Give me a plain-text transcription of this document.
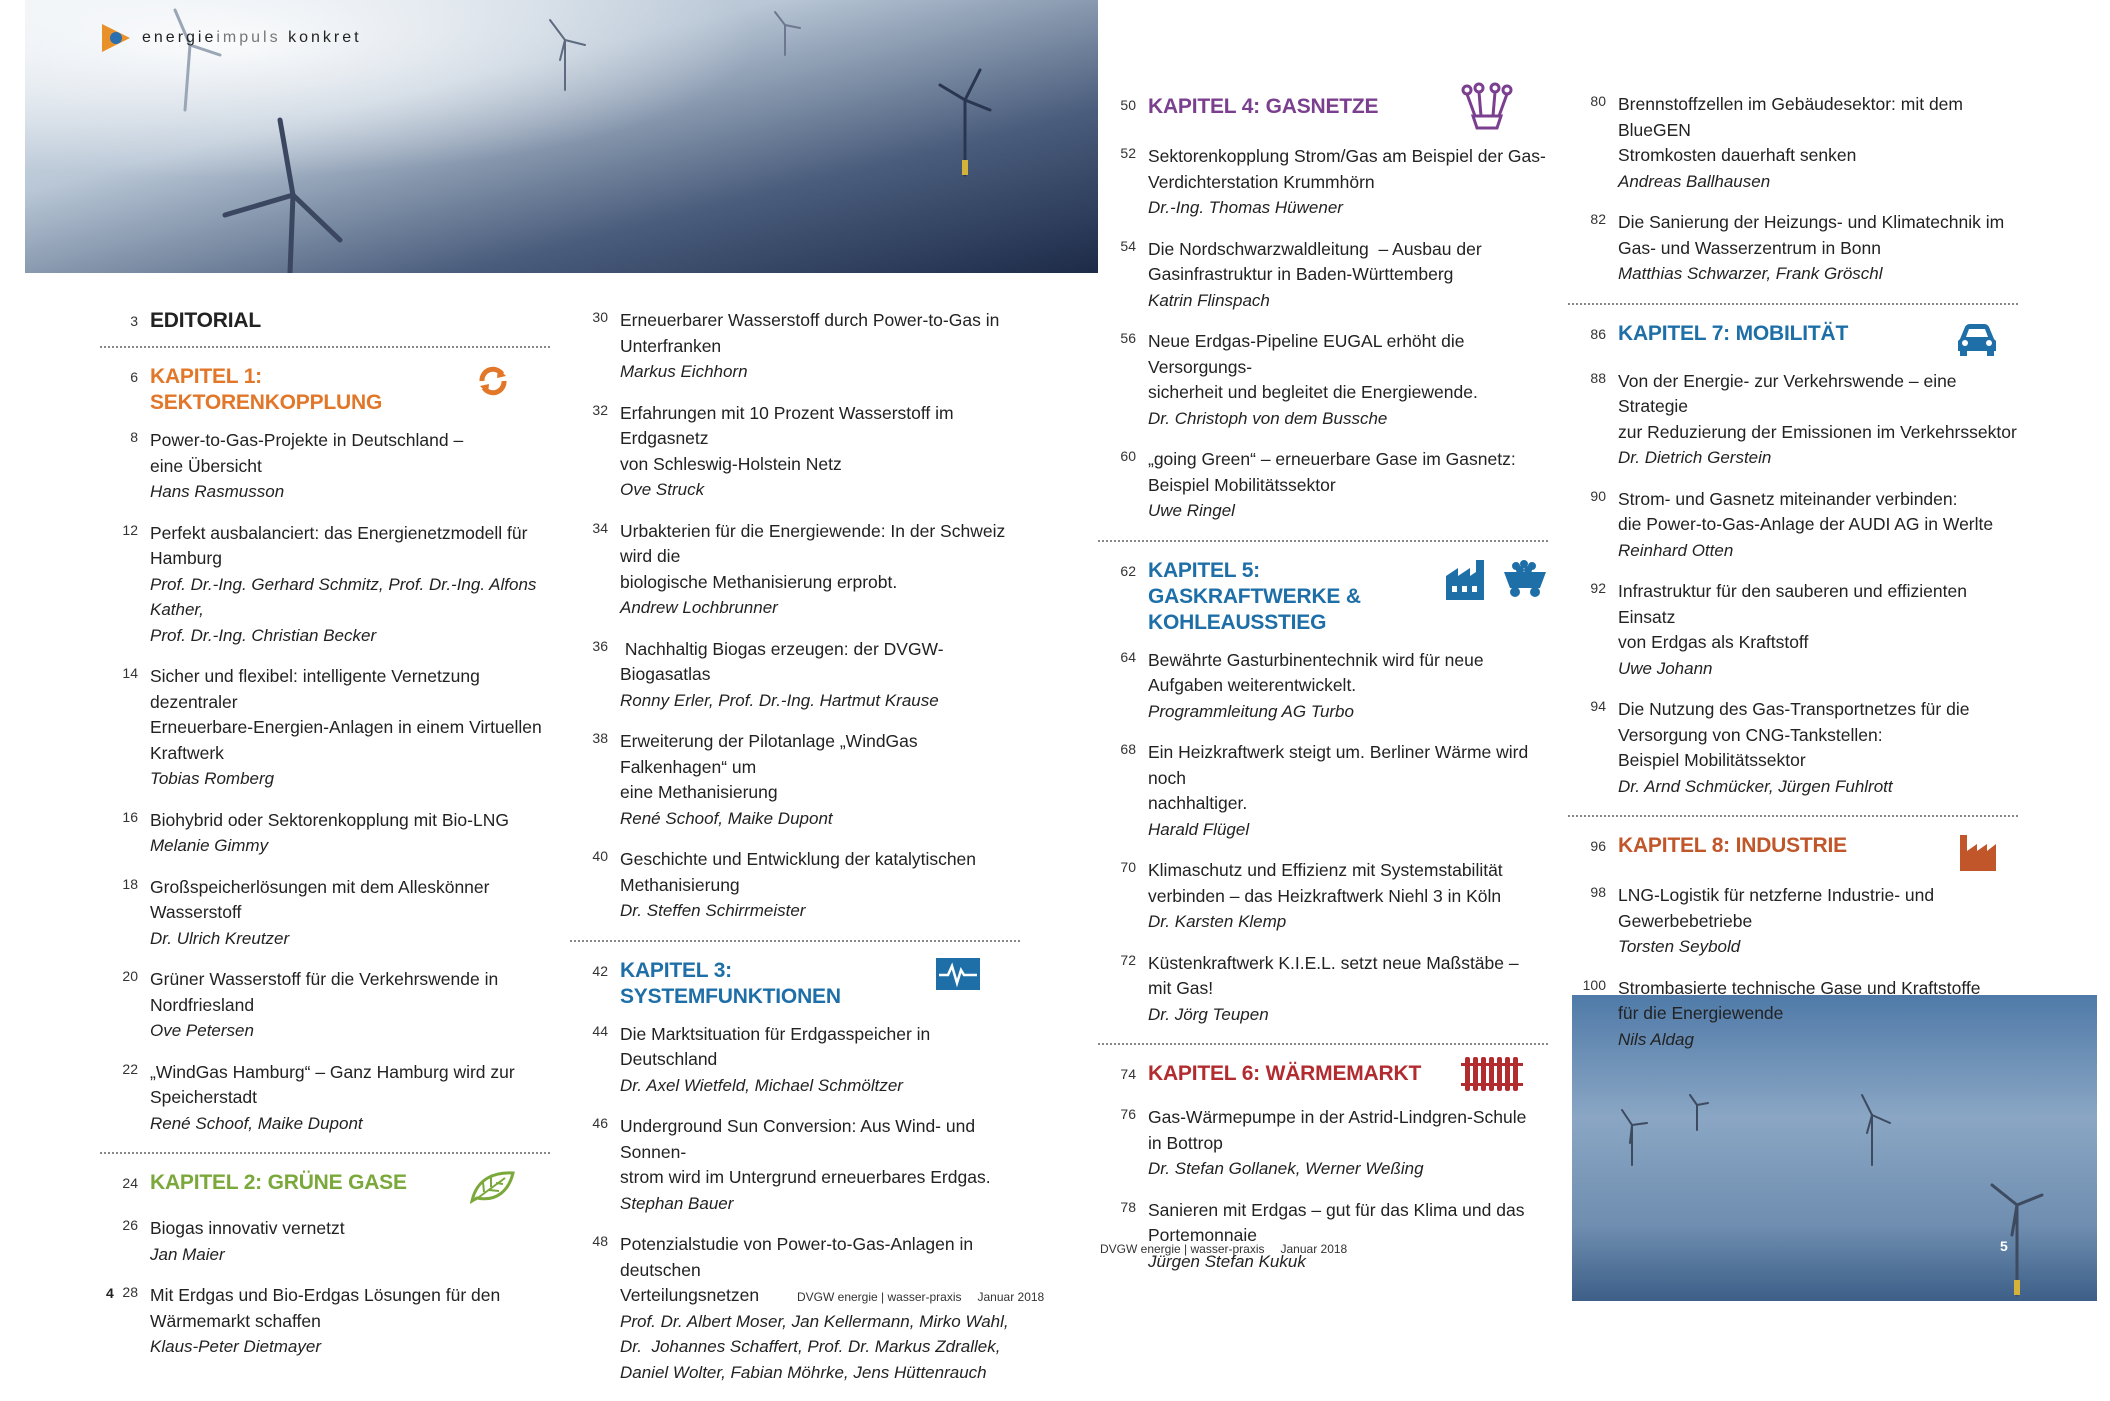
energieimpuls konkret
3 EDITORIAL
6 KAPITEL 1: SEKTORENKOPPLUNG
8 Power-to-Gas-Projekte in Deutschland –
eine Übersicht
Hans Rasmusson
12 Perfekt ausbalanciert: das Energienetzmodell für Hamburg
Prof. Dr.-Ing. Gerhard Schmitz, Prof. Dr.-Ing. Alfons Kather,
Prof. Dr.-Ing. Christian Becker
14 Sicher und flexibel: intelligente Vernetzung dezentraler
Erneuerbare-Energien-Anlagen in einem Virtuellen
Kraftwerk
Tobias Romberg
16 Biohybrid oder Sektorenkopplung mit Bio-LNG
Melanie Gimmy
18 Großspeicherlösungen mit dem Alleskönner Wasserstoff
Dr. Ulrich Kreutzer
20 Grüner Wasserstoff für die Verkehrswende in
Nordfriesland
Ove Petersen
22 „WindGas Hamburg“ – Ganz Hamburg wird zur
Speicherstadt
René Schoof, Maike Dupont
24 KAPITEL 2: GRÜNE GASE
26 Biogas innovativ vernetzt
Jan Maier
28 Mit Erdgas und Bio-Erdgas Lösungen für den
Wärmemarkt schaffen
Klaus-Peter Dietmayer
30 Erneuerbarer Wasserstoff durch Power-to-Gas in
Unterfranken
Markus Eichhorn
32 Erfahrungen mit 10 Prozent Wasserstoff im Erdgasnetz
von Schleswig-Holstein Netz
Ove Struck
34 Urbakterien für die Energiewende: In der Schweiz wird die
biologische Methanisierung erprobt.
Andrew Lochbrunner
36 Nachhaltig Biogas erzeugen: der DVGW-Biogasatlas
Ronny Erler, Prof. Dr.-Ing. Hartmut Krause
38 Erweiterung der Pilotanlage „WindGas Falkenhagen“ um
eine Methanisierung
René Schoof, Maike Dupont
40 Geschichte und Entwicklung der katalytischen
Methanisierung
Dr. Steffen Schirrmeister
42 KAPITEL 3: SYSTEMFUNKTIONEN
44 Die Marktsituation für Erdgasspeicher in Deutschland
Dr. Axel Wietfeld, Michael Schmöltzer
46 Underground Sun Conversion: Aus Wind- und Sonnen-
strom wird im Untergrund erneuerbares Erdgas.
Stephan Bauer
48 Potenzialstudie von Power-to-Gas-Anlagen in deutschen
Verteilungsnetzen
Prof. Dr. Albert Moser, Jan Kellermann, Mirko Wahl,
Dr.  Johannes Schaffert, Prof. Dr. Markus Zdrallek,
Daniel Wolter, Fabian Möhrke, Jens Hüttenrauch
50 KAPITEL 4: GASNETZE
52 Sektorenkopplung Strom/Gas am Beispiel der Gas-
Verdichterstation Krummhörn
Dr.-Ing. Thomas Hüwener
54 Die Nordschwarzwaldleitung  – Ausbau der
Gasinfrastruktur in Baden-Württemberg
Katrin Flinspach
56 Neue Erdgas-Pipeline EUGAL erhöht die Versorgungs-
sicherheit und begleitet die Energiewende.
Dr. Christoph von dem Bussche
60 „going Green“ – erneuerbare Gase im Gasnetz:
Beispiel Mobilitätssektor
Uwe Ringel
62 KAPITEL 5: GASKRAFTWERKE &
KOHLEAUSSTIEG
64 Bewährte Gasturbinentechnik wird für neue
Aufgaben weiterentwickelt.
Programmleitung AG Turbo
68 Ein Heizkraftwerk steigt um. Berliner Wärme wird noch
nachhaltiger.
Harald Flügel
70 Klimaschutz und Effizienz mit Systemstabilität
verbinden – das Heizkraftwerk Niehl 3 in Köln
Dr. Karsten Klemp
72 Küstenkraftwerk K.I.E.L. setzt neue Maßstäbe –
mit Gas!
Dr. Jörg Teupen
74 KAPITEL 6: WÄRMEMARKT
76 Gas-Wärmepumpe in der Astrid-Lindgren-Schule
in Bottrop
Dr. Stefan Gollanek, Werner Weßing
78 Sanieren mit Erdgas – gut für das Klima und das
Portemonnaie
Jürgen Stefan Kukuk
80 Brennstoffzellen im Gebäudesektor: mit dem BlueGEN
Stromkosten dauerhaft senken
Andreas Ballhausen
82 Die Sanierung der Heizungs- und Klimatechnik im
Gas- und Wasserzentrum in Bonn
Matthias Schwarzer, Frank Gröschl
86 KAPITEL 7: MOBILITÄT
88 Von der Energie- zur Verkehrswende – eine Strategie
zur Reduzierung der Emissionen im Verkehrssektor
Dr. Dietrich Gerstein
90 Strom- und Gasnetz miteinander verbinden:
die Power-to-Gas-Anlage der AUDI AG in Werlte
Reinhard Otten
92 Infrastruktur für den sauberen und effizienten Einsatz
von Erdgas als Kraftstoff
Uwe Johann
94 Die Nutzung des Gas-Transportnetzes für die
Versorgung von CNG-Tankstellen:
Beispiel Mobilitätssektor
Dr. Arnd Schmücker, Jürgen Fuhlrott
96 KAPITEL 8: INDUSTRIE
98 LNG-Logistik für netzferne Industrie- und
Gewerbebetriebe
Torsten Seybold
100 Strombasierte technische Gase und Kraftstoffe
für die Energiewende
Nils Aldag
4	DVGW energie | wasser-praxis Januar 2018
DVGW energie | wasser-praxis Januar 2018	5
